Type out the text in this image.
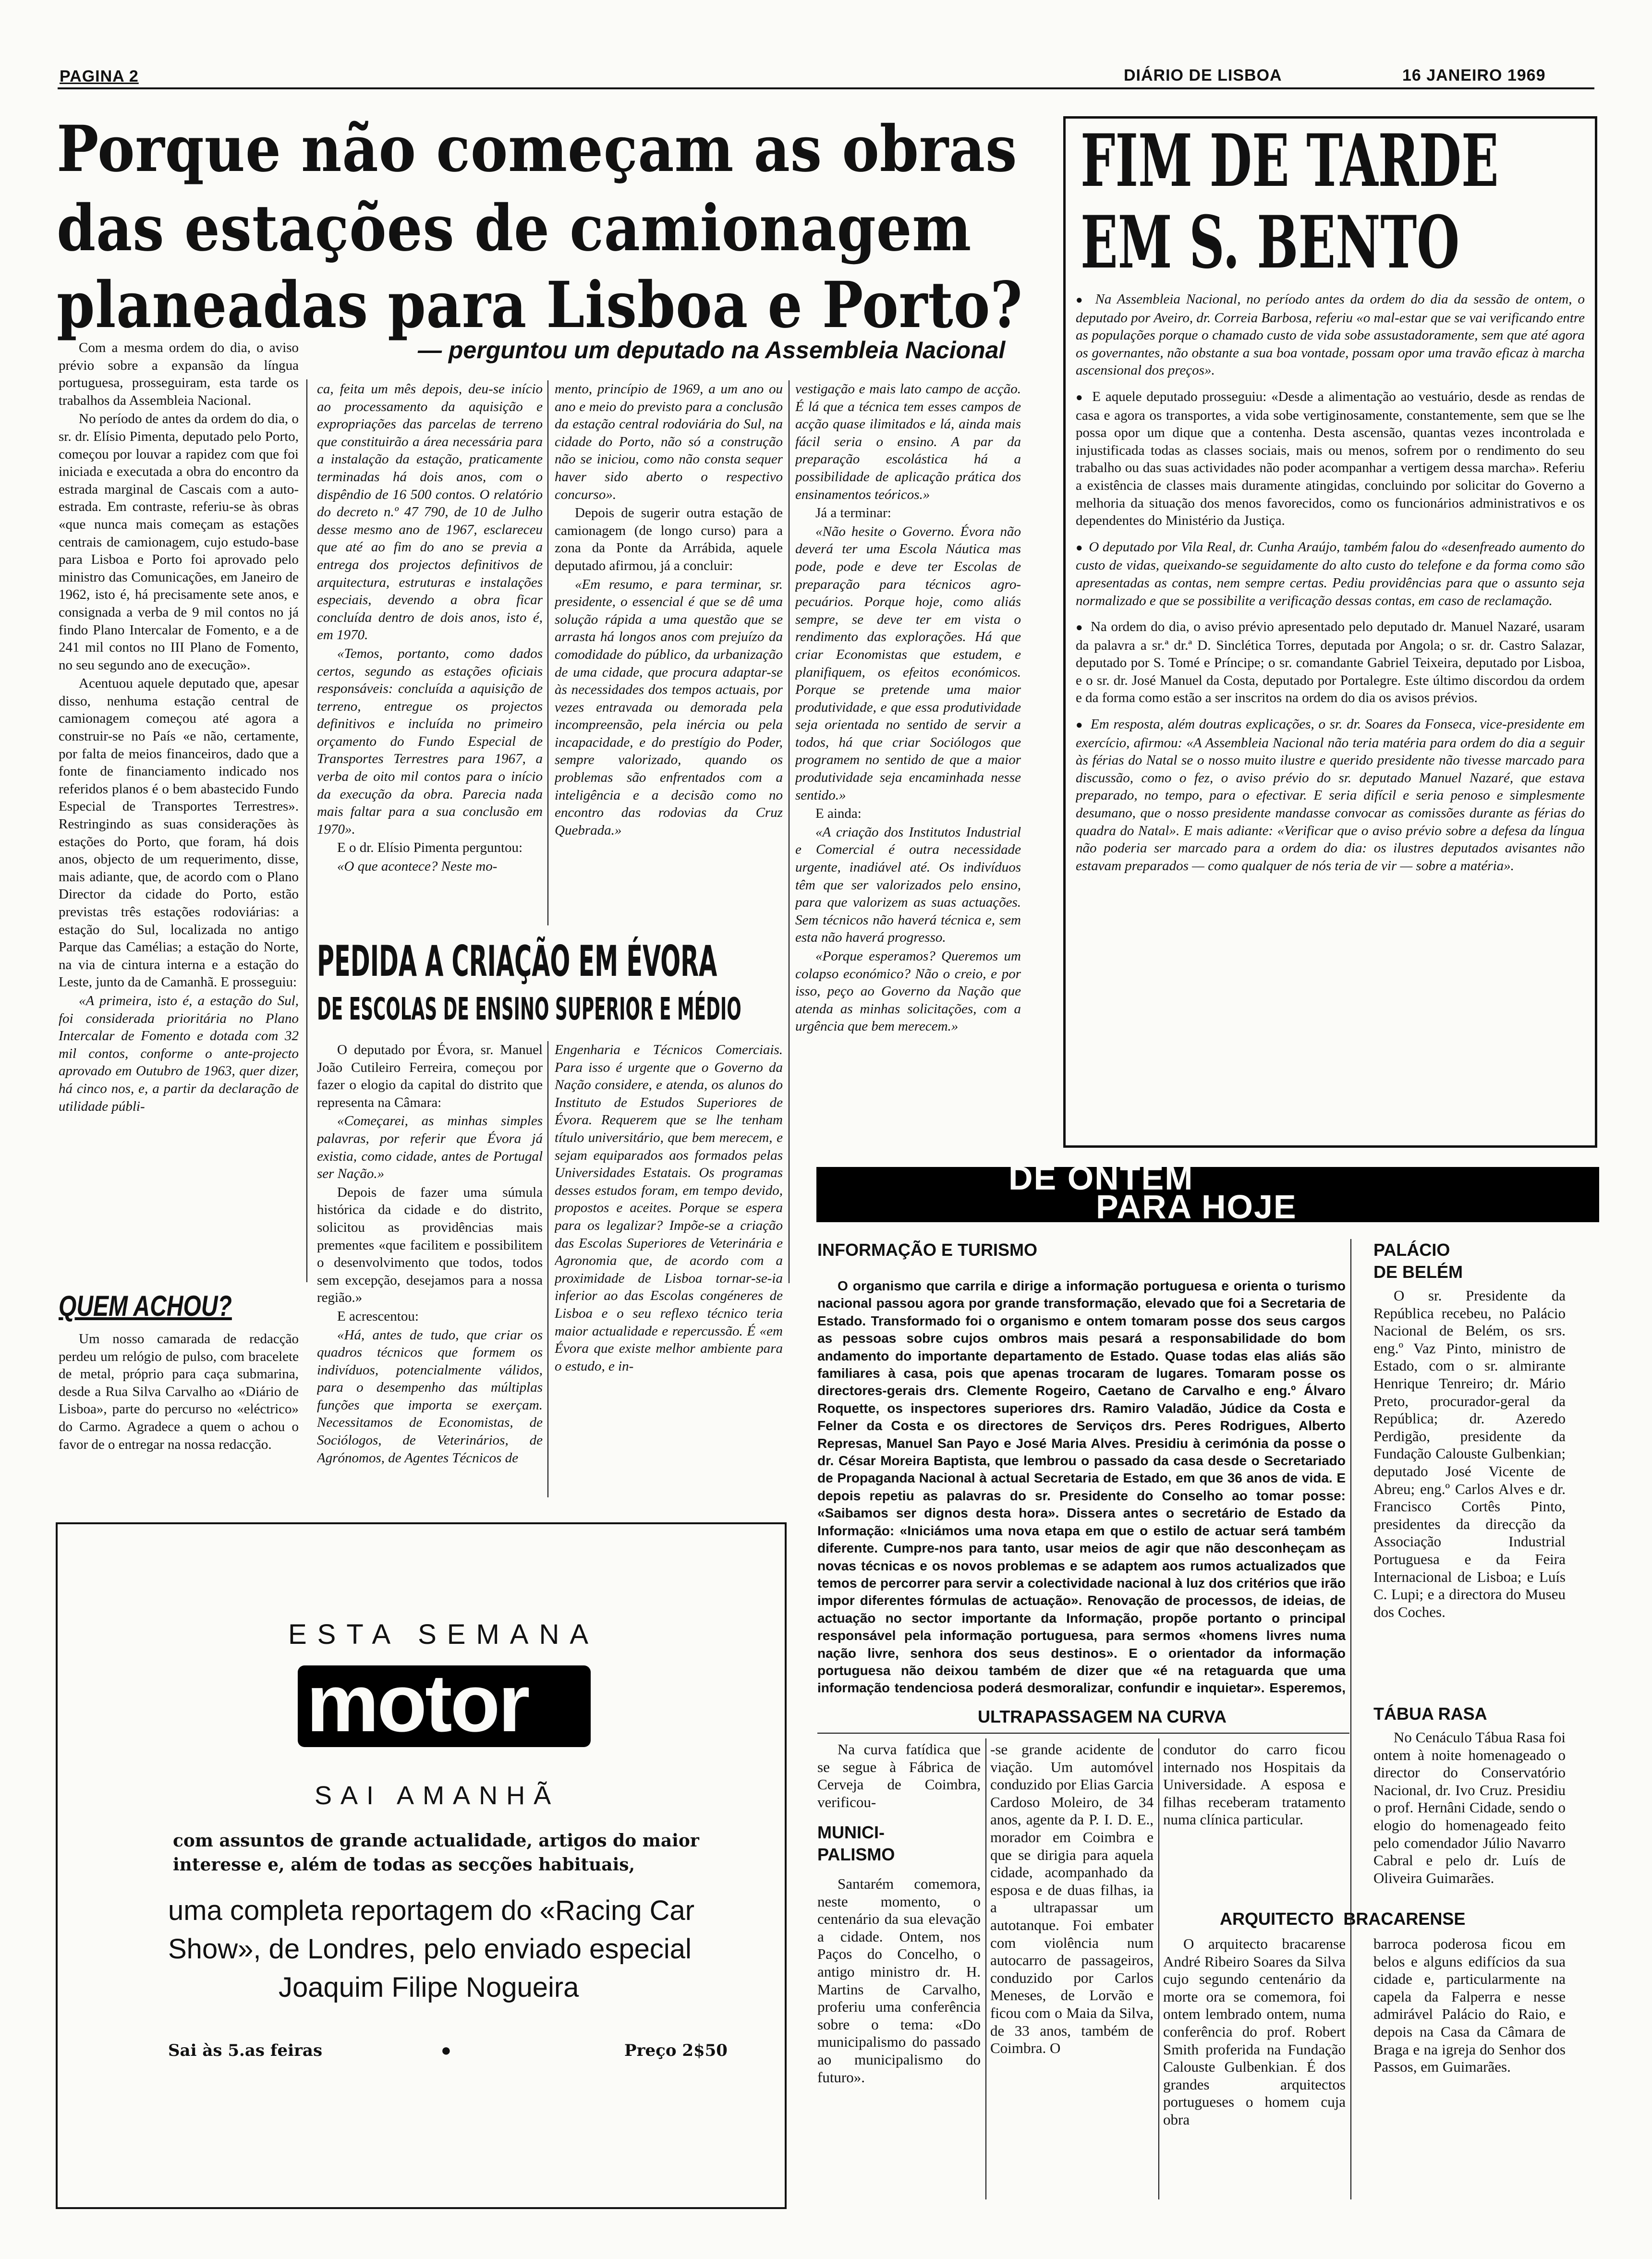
PAGINA 2	DIÁRIO DE LISBOA	16 JANEIRO 1969
Porque não começam as obras
das estações de camionagem
planeadas para Lisboa e Porto?
— perguntou um deputado na Assembleia Nacional

Com a mesma ordem do dia, o aviso prévio sobre a expansão da língua portuguesa, prosseguiram, esta tarde os trabalhos da Assembleia Nacional.

No período de antes da ordem do dia, o sr. dr. Elísio Pimenta, deputado pelo Porto, começou por louvar a rapidez com que foi iniciada e executada a obra do encontro da estrada marginal de Cascais com a auto-estrada. Em contraste, referiu-se às obras «que nunca mais começam as estações centrais de camionagem, cujo estudo-base para Lisboa e Porto foi aprovado pelo ministro das Comunicações, em Janeiro de 1962, isto é, há precisamente sete anos, e consignada a verba de 9 mil contos no já findo Plano Intercalar de Fomento, e a de 241 mil contos no III Plano de Fomento, no seu segundo ano de execução».

Acentuou aquele deputado que, apesar disso, nenhuma estação central de camionagem começou até agora a construir-se no País «e não, certamente, por falta de meios financeiros, dado que a fonte de financiamento indicado nos referidos planos é o bem abastecido Fundo Especial de Transportes Terrestres». Restringindo as suas considerações às estações do Porto, que foram, há dois anos, objecto de um requerimento, disse, mais adiante, que, de acordo com o Plano Director da cidade do Porto, estão previstas três estações rodoviárias: a estação do Sul, localizada no antigo Parque das Camélias; a estação do Norte, na via de cintura interna e a estação do Leste, junto da de Camanhã. E prosseguiu:

«A primeira, isto é, a estação do Sul, foi considerada prioritária no Plano Intercalar de Fomento e dotada com 32 mil contos, conforme o ante-projecto aprovado em Outubro de 1963, quer dizer, há cinco nos, e, a partir da declaração de utilidade públi-

ca, feita um mês depois, deu-se início ao processamento da aquisição e expropriações das parcelas de terreno que constituirão a área necessária para a instalação da estação, praticamente terminadas há dois anos, com o dispêndio de 16 500 contos. O relatório do decreto n.º 47 790, de 10 de Julho desse mesmo ano de 1967, esclareceu que até ao fim do ano se previa a entrega dos projectos definitivos de arquitectura, estruturas e instalações especiais, devendo a obra ficar concluída dentro de dois anos, isto é, em 1970.

«Temos, portanto, como dados certos, segundo as estações oficiais responsáveis: concluída a aquisição de terreno, entregue os projectos definitivos e incluída no primeiro orçamento do Fundo Especial de Transportes Terrestres para 1967, a verba de oito mil contos para o início da execução da obra. Parecia nada mais faltar para a sua conclusão em 1970».

E o dr. Elísio Pimenta perguntou:

«O que acontece? Neste mo-

mento, princípio de 1969, a um ano ou ano e meio do previsto para a conclusão da estação central rodoviária do Sul, na cidade do Porto, não só a construção não se iniciou, como não consta sequer haver sido aberto o respectivo concurso».

Depois de sugerir outra estação de camionagem (de longo curso) para a zona da Ponte da Arrábida, aquele deputado afirmou, já a concluir:

«Em resumo, e para terminar, sr. presidente, o essencial é que se dê uma solução rápida a uma questão que se arrasta há longos anos com prejuízo da comodidade do público, da urbanização de uma cidade, que procura adaptar-se às necessidades dos tempos actuais, por vezes entravada ou demorada pela incompreensão, pela inércia ou pela incapacidade, e do prestígio do Poder, sempre valorizado, quando os problemas são enfrentados com a inteligência e a decisão como no encontro das rodovias da Cruz Quebrada.»

vestigação e mais lato campo de acção. É lá que a técnica tem esses campos de acção quase ilimitados e lá, ainda mais fácil seria o ensino. A par da preparação escolástica há a possibilidade de aplicação prática dos ensinamentos teóricos.»

Já a terminar:

«Não hesite o Governo. Évora não deverá ter uma Escola Náutica mas pode, pode e deve ter Escolas de preparação para técnicos agro-pecuários. Porque hoje, como aliás sempre, se deve ter em vista o rendimento das explorações. Há que criar Economistas que estudem, e planifiquem, os efeitos económicos. Porque se pretende uma maior produtividade, e que essa produtividade seja orientada no sentido de servir a todos, há que criar Sociólogos que programem no sentido de que a maior produtividade seja encaminhada nesse sentido.»

E ainda:

«A criação dos Institutos Industrial e Comercial é outra necessidade urgente, inadiável até. Os indivíduos têm que ser valorizados pelo ensino, para que valorizem as suas actuações. Sem técnicos não haverá técnica e, sem esta não haverá progresso.

«Porque esperamos? Queremos um colapso económico? Não o creio, e por isso, peço ao Governo da Nação que atenda as minhas solicitações, com a urgência que bem merecem.»

QUEM ACHOU?

Um nosso camarada de redacção perdeu um relógio de pulso, com bracelete de metal, próprio para caça submarina, desde a Rua Silva Carvalho ao «Diário de Lisboa», parte do percurso no «eléctrico» do Carmo. Agradece a quem o achou o favor de o entregar na nossa redacção.

PEDIDA A CRIAÇÃO EM ÉVORA
DE ESCOLAS DE ENSINO SUPERIOR E MÉDIO

O deputado por Évora, sr. Manuel João Cutileiro Ferreira, começou por fazer o elogio da capital do distrito que representa na Câmara:

«Começarei, as minhas simples palavras, por referir que Évora já existia, como cidade, antes de Portugal ser Nação.»

Depois de fazer uma súmula histórica da cidade e do distrito, solicitou as providências mais prementes «que facilitem e possibilitem o desenvolvimento que todos, todos sem excepção, desejamos para a nossa região.»

E acrescentou:

«Há, antes de tudo, que criar os quadros técnicos que formem os indivíduos, potencialmente válidos, para o desempenho das múltiplas funções que importa se exerçam. Necessitamos de Economistas, de Sociólogos, de Veterinários, de Agrónomos, de Agentes Técnicos de

Engenharia e Técnicos Comerciais. Para isso é urgente que o Governo da Nação considere, e atenda, os alunos do Instituto de Estudos Superiores de Évora. Requerem que se lhe tenham título universitário, que bem merecem, e sejam equiparados aos formados pelas Universidades Estatais. Os programas desses estudos foram, em tempo devido, propostos e aceites. Porque se espera para os legalizar? Impõe-se a criação das Escolas Superiores de Veterinária e Agronomia que, de acordo com a proximidade de Lisboa tornar-se-ia inferior ao das Escolas congéneres de Lisboa e o seu reflexo técnico teria maior actualidade e repercussão. É «em Évora que existe melhor ambiente para o estudo, e in-

FIM DE TARDE
EM S. BENTO

●  Na Assembleia Nacional, no período antes da ordem do dia da sessão de ontem, o deputado por Aveiro, dr. Correia Barbosa, referiu «o mal-estar que se vai verificando entre as populações porque o chamado custo de vida sobe assustadoramente, sem que até agora os governantes, não obstante a sua boa vontade, possam opor uma travão eficaz à marcha ascensional dos preços».

●  E aquele deputado prosseguiu: «Desde a alimentação ao vestuário, desde as rendas de casa e agora os transportes, a vida sobe vertiginosamente, constantemente, sem que se lhe possa opor um dique que a contenha. Desta ascensão, quantas vezes incontrolada e injustificada todas as classes sociais, mais ou menos, sofrem por o rendimento do seu trabalho ou das suas actividades não poder acompanhar a vertigem dessa marcha». Referiu a existência de classes mais duramente atingidas, concluindo por solicitar do Governo a melhoria da situação dos menos favorecidos, como os funcionários administrativos e os dependentes do Ministério da Justiça.

●  O deputado por Vila Real, dr. Cunha Araújo, também falou do «desenfreado aumento do custo de vidas, queixando-se seguidamente do alto custo do telefone e da forma como são apresentadas as contas, nem sempre certas. Pediu providências para que o assunto seja normalizado e que se possibilite a verificação dessas contas, em caso de reclamação.

●  Na ordem do dia, o aviso prévio apresentado pelo deputado dr. Manuel Nazaré, usaram da palavra a sr.ª dr.ª D. Sinclética Torres, deputada por Angola; o sr. dr. Castro Salazar, deputado por S. Tomé e Príncipe; o sr. comandante Gabriel Teixeira, deputado por Lisboa, e o sr. dr. José Manuel da Costa, deputado por Portalegre. Este último discordou da ordem e da forma como estão a ser inscritos na ordem do dia os avisos prévios.

●  Em resposta, além doutras explicações, o sr. dr. Soares da Fonseca, vice-presidente em exercício, afirmou: «A Assembleia Nacional não teria matéria para ordem do dia a seguir às férias do Natal se o nosso muito ilustre e querido presidente não tivesse marcado para discussão, como o fez, o aviso prévio do sr. deputado Manuel Nazaré, que estava preparado, no tempo, para o efectivar. E seria difícil e seria penoso e simplesmente desumano, que o nosso presidente mandasse convocar as comissões durante as férias do quadra do Natal». E mais adiante: «Verificar que o aviso prévio sobre a defesa da língua não poderia ser marcado para a ordem do dia: os ilustres deputados avisantes não estavam preparados — como qualquer de nós teria de vir — sobre a matéria».

DE ONTEM
PARA HOJE
INFORMAÇÃO E TURISMO

O organismo que carrila e dirige a informação portuguesa e orienta o turismo nacional passou agora por grande transformação, elevado que foi a Secretaria de Estado. Transformado foi o organismo e ontem tomaram posse dos seus cargos as pessoas sobre cujos ombros mais pesará a responsabilidade do bom andamento do importante departamento de Estado. Quase todas elas aliás são familiares à casa, pois que apenas trocaram de lugares. Tomaram posse os directores-gerais drs. Clemente Rogeiro, Caetano de Carvalho e eng.º Álvaro Roquette, os inspectores superiores drs. Ramiro Valadão, Júdice da Costa e Felner da Costa e os directores de Serviços drs. Peres Rodrigues, Alberto Represas, Manuel San Payo e José Maria Alves. Presidiu à cerimónia da posse o dr. César Moreira Baptista, que lembrou o passado da casa desde o Secretariado de Propaganda Nacional à actual Secretaria de Estado, em que 36 anos de vida. E depois repetiu as palavras do sr. Presidente do Conselho ao tomar posse: «Saibamos ser dignos desta hora». Dissera antes o secretário de Estado da Informação: «Iniciámos uma nova etapa em que o estilo de actuar será também diferente. Cumpre-nos para tanto, usar meios de agir que não desconheçam as novas técnicas e os novos problemas e se adaptem aos rumos actualizados que temos de percorrer para servir a colectividade nacional à luz dos critérios que irão impor diferentes fórmulas de actuação». Renovação de processos, de ideias, de actuação no sector importante da Informação, propõe portanto o principal responsável pela informação portuguesa, para sermos «homens livres numa nação livre, senhora dos seus destinos». E o orientador da informação portuguesa não deixou também de dizer que «é na retaguarda que uma informação tendenciosa poderá desmoralizar, confundir e inquietar». Esperemos,

PALÁCIO
DE BELÉM

O sr. Presidente da República recebeu, no Palácio Nacional de Belém, os srs. eng.º Vaz Pinto, ministro de Estado, com o sr. almirante Henrique Tenreiro; dr. Mário Preto, procurador-geral da República; dr. Azeredo Perdigão, presidente da Fundação Calouste Gulbenkian; deputado José Vicente de Abreu; eng.º Carlos Alves e dr. Francisco Cortês Pinto, presidentes da direcção da Associação Industrial Portuguesa e da Feira Internacional de Lisboa; e Luís C. Lupi; e a directora do Museu dos Coches.

TÁBUA RASA

No Cenáculo Tábua Rasa foi ontem à noite homenageado o director do Conservatório Nacional, dr. Ivo Cruz. Presidiu o prof. Hernâni Cidade, sendo o elogio do homenageado feito pelo comendador Júlio Navarro Cabral e pelo dr. Luís de Oliveira Guimarães.

ULTRAPASSAGEM NA CURVA

Na curva fatídica que se segue à Fábrica de Cerveja de Coimbra, verificou-

-se grande acidente de viação. Um automóvel conduzido por Elias Garcia Cardoso Moleiro, de 34 anos, agente da P. I. D. E., morador em Coimbra e que se dirigia para aquela cidade, acompanhado da esposa e de duas filhas, ia a ultrapassar um autotanque. Foi embater com violência num autocarro de passageiros, conduzido por Carlos Meneses, de Lorvão e ficou com o Maia da Silva, de 33 anos, também de Coimbra. O

condutor do carro ficou internado nos Hospitais da Universidade. A esposa e filhas receberam tratamento numa clínica particular.

MUNICI-
PALISMO

Santarém comemora, neste momento, o centenário da sua elevação a cidade. Ontem, nos Paços do Concelho, o antigo ministro dr. H. Martins de Carvalho, proferiu uma conferência sobre o tema: «Do municipalismo do passado ao municipalismo do futuro».

ARQUITECTO BRACARENSE

O arquitecto bracarense André Ribeiro Soares da Silva cujo segundo centenário da morte ora se comemora, foi ontem lembrado ontem, numa conferência do prof. Robert Smith proferida na Fundação Calouste Gulbenkian. É dos grandes arquitectos portugueses o homem cuja obra

barroca poderosa ficou em belos e alguns edifícios da sua cidade e, particularmente na capela da Falperra e nesse admirável Palácio do Raio, e depois na Casa da Câmara de Braga e na igreja do Senhor dos Passos, em Guimarães.

ESTA SEMANA
motor
SAI AMANHÃ
com assuntos de grande actualidade, artigos do maior
interesse e, além de todas as secções habituais,
uma completa reportagem do «Racing Car
Show», de Londres, pelo enviado especial
Joaquim Filipe Nogueira
Sai às 5.as feiras	●	Preço 2$50
